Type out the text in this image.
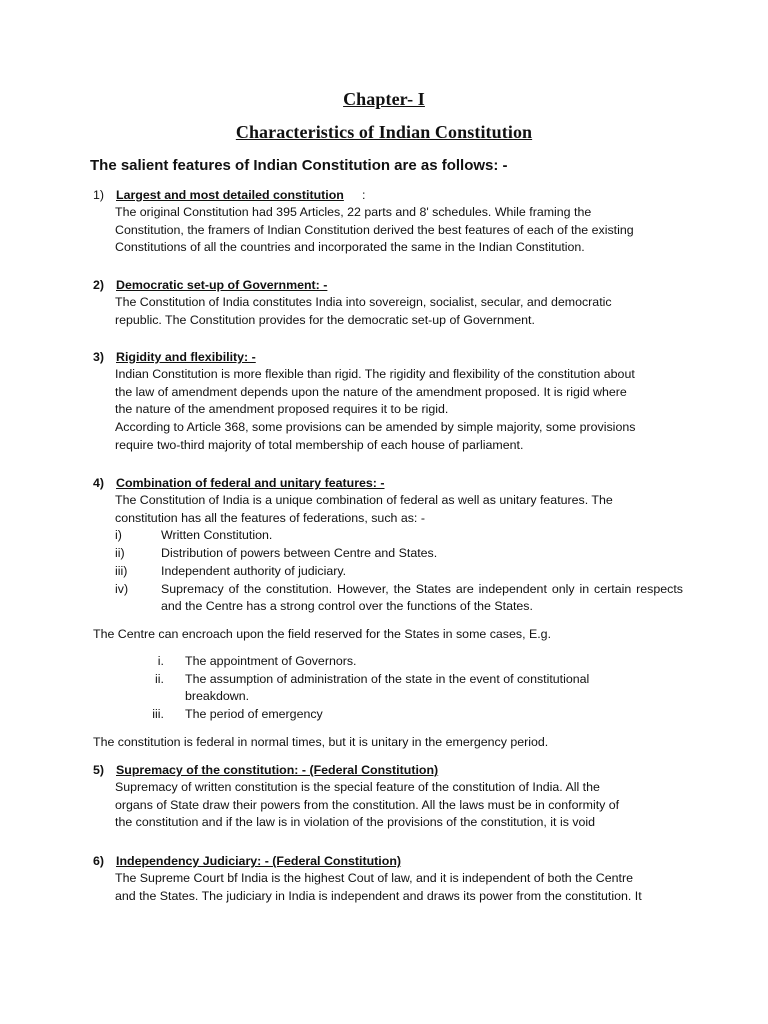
Chapter- I
Characteristics of Indian Constitution
The salient features of Indian Constitution are as follows: -
1) Largest and most detailed constitution :

The original Constitution had 395 Articles, 22 parts and 8' schedules. While framing the

Constitution, the framers of Indian Constitution derived the best features of each of the existing

Constitutions of all the countries and incorporated the same in the Indian Constitution.

2) Democratic set-up of Government: -

The Constitution of India constitutes India into sovereign, socialist, secular, and democratic

republic. The Constitution provides for the democratic set-up of Government.

3) Rigidity and flexibility: -

Indian Constitution is more flexible than rigid. The rigidity and flexibility of the constitution about

the law of amendment depends upon the nature of the amendment proposed. It is rigid where

the nature of the amendment proposed requires it to be rigid.

According to Article 368, some provisions can be amended by simple majority, some provisions

require two-third majority of total membership of each house of parliament.

4) Combination of federal and unitary features: -

The Constitution of India is a unique combination of federal as well as unitary features. The

constitution has all the features of federations, such as: -

i)	Written Constitution.
ii)	Distribution of powers between Centre and States.
iii)	Independent authority of judiciary.
iv)	Supremacy of the constitution. However, the States are independent only in certain respects and the Centre has a strong control over the functions of the States.
The Centre can encroach upon the field reserved for the States in some cases, E.g.
i. The appointment of Governors.
ii. The assumption of administration of the state in the event of constitutional breakdown.
iii. The period of emergency
The constitution is federal in normal times, but it is unitary in the emergency period.
5) Supremacy of the constitution: - (Federal Constitution)

Supremacy of written constitution is the special feature of the constitution of India. All the

organs of State draw their powers from the constitution. All the laws must be in conformity of

the constitution and if the law is in violation of the provisions of the constitution, it is void

6) Independency Judiciary: - (Federal Constitution)

The Supreme Court bf India is the highest Cout of law, and it is independent of both the Centre

and the States. The judiciary in India is independent and draws its power from the constitution. It
